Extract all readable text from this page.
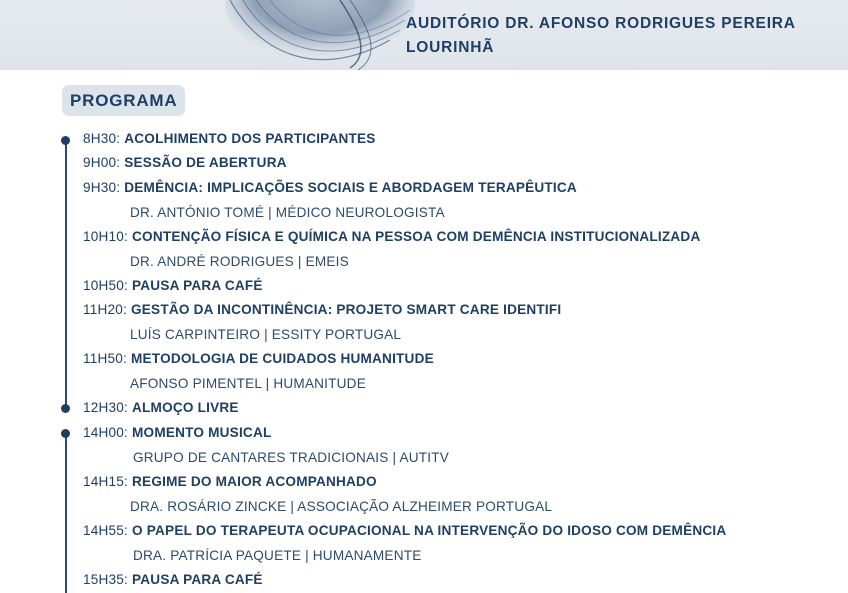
AUDITÓRIO DR. AFONSO RODRIGUES PEREIRA
LOURINHÃ
PROGRAMA
8H30: ACOLHIMENTO DOS PARTICIPANTES
9H00: SESSÃO DE ABERTURA
9H30: DEMÊNCIA: IMPLICAÇÕES SOCIAIS E ABORDAGEM TERAPÊUTICA
DR. ANTÓNIO TOMÉ | MÉDICO NEUROLOGISTA
10H10: CONTENÇÃO FÍSICA E QUÍMICA NA PESSOA COM DEMÊNCIA INSTITUCIONALIZADA
DR. ANDRÉ RODRIGUES | EMEIS
10H50: PAUSA PARA CAFÉ
11H20: GESTÃO DA INCONTINÊNCIA: PROJETO SMART CARE IDENTIFI
LUÍS CARPINTEIRO | ESSITY PORTUGAL
11H50: METODOLOGIA DE CUIDADOS HUMANITUDE
AFONSO PIMENTEL | HUMANITUDE
12H30: ALMOÇO LIVRE
14H00: MOMENTO MUSICAL
GRUPO DE CANTARES TRADICIONAIS | AUTITV
14H15: REGIME DO MAIOR ACOMPANHADO
DRA. ROSÁRIO ZINCKE | ASSOCIAÇÃO ALZHEIMER PORTUGAL
14H55: O PAPEL DO TERAPEUTA OCUPACIONAL NA INTERVENÇÃO DO IDOSO COM DEMÊNCIA
DRA. PATRÍCIA PAQUETE | HUMANAMENTE
15H35: PAUSA PARA CAFÉ
